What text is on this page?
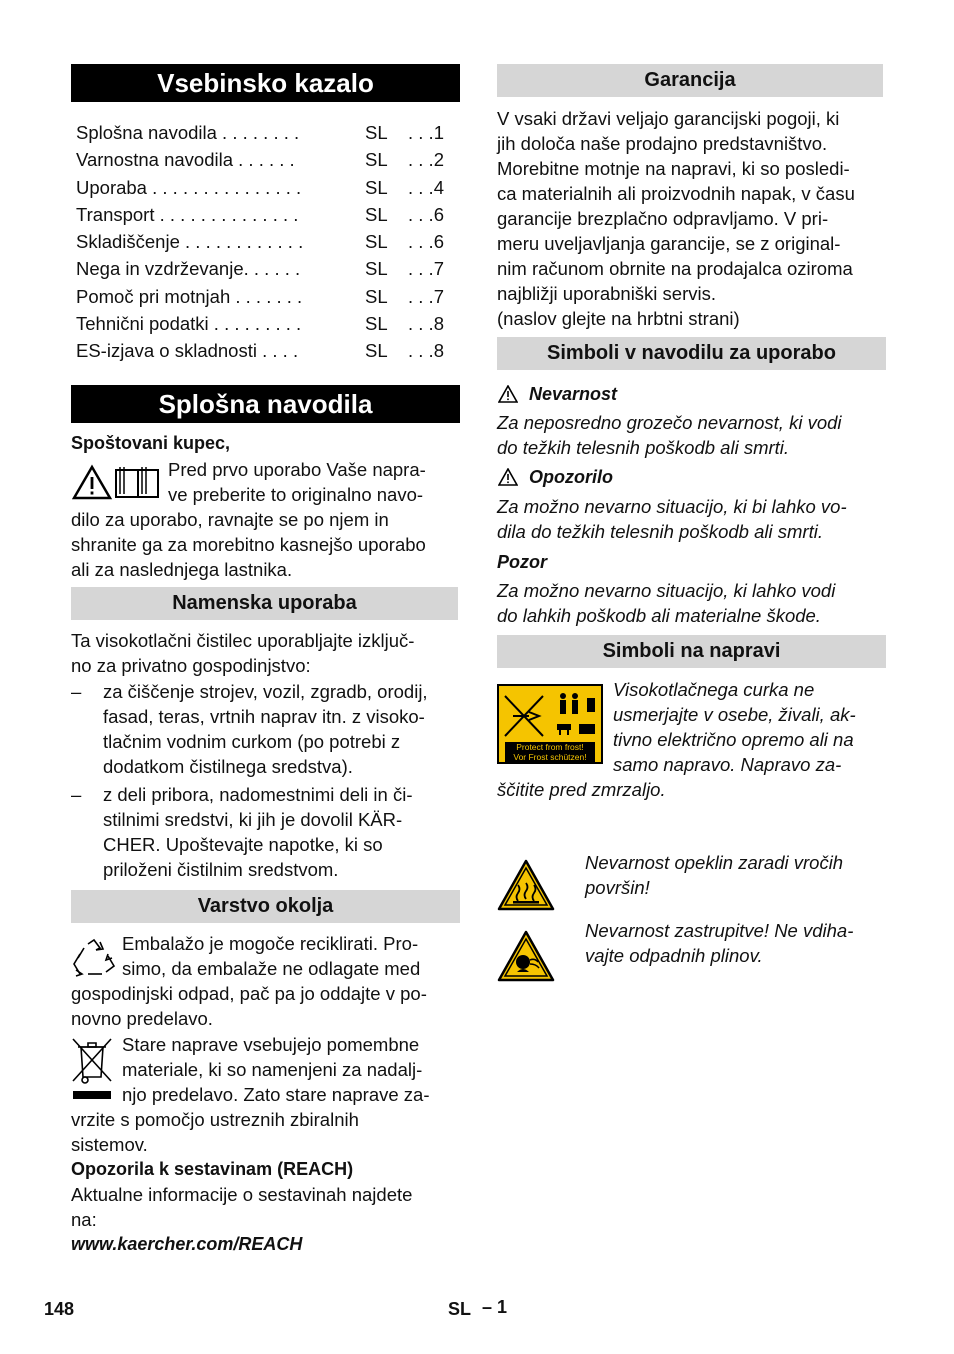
Vsebinsko kazalo
Splošna navodila . . . . . . . .	SL . . .1
Varnostna navodila . . . . . .	SL . . .2
Uporaba . . . . . . . . . . . . . . .	SL . . .4
Transport . . . . . . . . . . . . . .	SL . . .6
Skladiščenje . . . . . . . . . . . .	SL . . .6
Nega in vzdrževanje. . . . . .	SL . . .7
Pomoč pri motnjah . . . . . . .	SL . . .7
Tehnični podatki . . . . . . . . .	SL . . .8
ES-izjava o skladnosti . . . .	SL . . .8
Splošna navodila
Spoštovani kupec,
Pred prvo uporabo Vaše napra-
ve preberite to originalno navo-
dilo za uporabo, ravnajte se po njem in
shranite ga za morebitno kasnejšo uporabo
ali za naslednjega lastnika.
Namenska uporaba
Ta visokotlačni čistilec uporabljajte izključ-
no za privatno gospodinjstvo:
– za čiščenje strojev, vozil, zgradb, orodij,
fasad, teras, vrtnih naprav itn. z visoko-
tlačnim vodnim curkom (po potrebi z
dodatkom čistilnega sredstva).
– z deli pribora, nadomestnimi deli in či-
stilnimi sredstvi, ki jih je dovolil KÄR-
CHER. Upoštevajte napotke, ki so
priloženi čistilnim sredstvom.
Varstvo okolja
Embalažo je mogoče reciklirati. Pro-
simo, da embalaže ne odlagate med
gospodinjski odpad, pač pa jo oddajte v po-
novno predelavo.
Stare naprave vsebujejo pomembne
materiale, ki so namenjeni za nadalj-
njo predelavo. Zato stare naprave za-
vrzite s pomočjo ustreznih zbiralnih
sistemov.
Opozorila k sestavinam (REACH)
Aktualne informacije o sestavinah najdete
na:
www.kaercher.com/REACH
Garancija
V vsaki državi veljajo garancijski pogoji, ki
jih določa naše prodajno predstavništvo.
Morebitne motnje na napravi, ki so posledi-
ca materialnih ali proizvodnih napak, v času
garancije brezplačno odpravljamo. V pri-
meru uveljavljanja garancije, se z original-
nim računom obrnite na prodajalca oziroma
najbližji uporabniški servis.
(naslov glejte na hrbtni strani)
Simboli v navodilu za uporabo
Nevarnost
Za neposredno grozečo nevarnost, ki vodi
do težkih telesnih poškodb ali smrti.
Opozorilo
Za možno nevarno situacijo, ki bi lahko vo-
dila do težkih telesnih poškodb ali smrti.
Pozor
Za možno nevarno situacijo, ki lahko vodi
do lahkih poškodb ali materialne škode.
Simboli na napravi
Protect from frost!
Vor Frost schützen!
Visokotlačnega curka ne
usmerjajte v osebe, živali, ak-
tivno električno opremo ali na
samo napravo. Napravo za-
ščitite pred zmrzaljo.
Nevarnost opeklin zaradi vročih
površin!
Nevarnost zastrupitve! Ne vdiha-
vajte odpadnih plinov.
148	SL – 1
